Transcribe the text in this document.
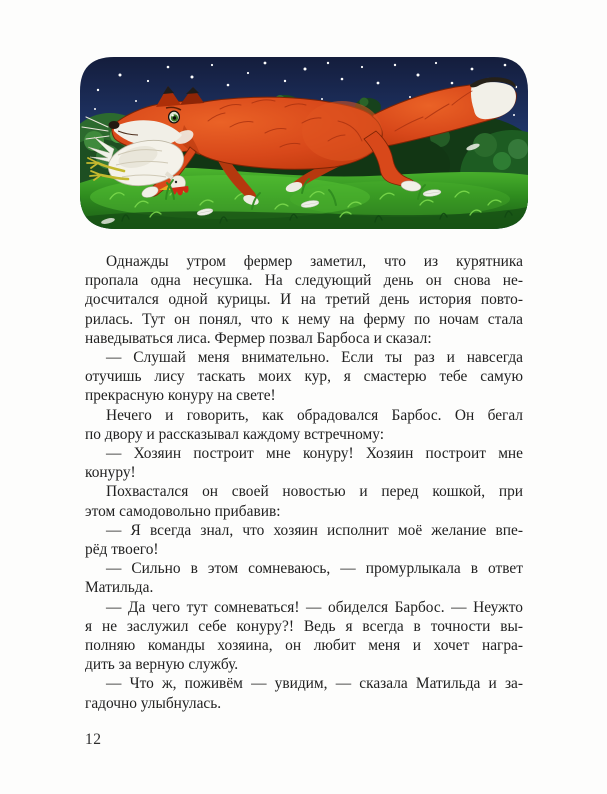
Однажды утром фермер заметил, что из курятника
пропала одна несушка. На следующий день он снова не-
досчитался одной курицы. И на третий день история повто-
рилась. Тут он понял, что к нему на ферму по ночам стала
наведываться лиса. Фермер позвал Барбоса и сказал:
— Слушай меня внимательно. Если ты раз и навсегда
отучишь лису таскать моих кур, я смастерю тебе самую
прекрасную конуру на свете!
Нечего и говорить, как обрадовался Барбос. Он бегал
по двору и рассказывал каждому встречному:
— Хозяин построит мне конуру! Хозяин построит мне
конуру!
Похвастался он своей новостью и перед кошкой, при
этом самодовольно прибавив:
— Я всегда знал, что хозяин исполнит моё желание впе-
рёд твоего!
— Сильно в этом сомневаюсь, — промурлыкала в ответ
Матильда.
— Да чего тут сомневаться! — обиделся Барбос. — Неужто
я не заслужил себе конуру?! Ведь я всегда в точности вы-
полняю команды хозяина, он любит меня и хочет награ-
дить за верную службу.
— Что ж, поживём — увидим, — сказала Матильда и за-
гадочно улыбнулась.
12
